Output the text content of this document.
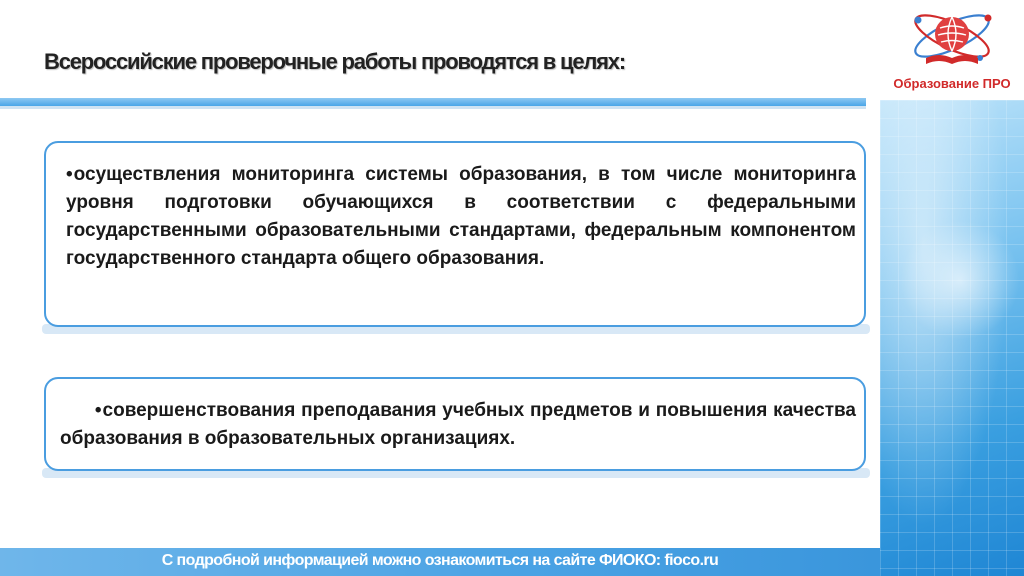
Образование ПРО
Всероссийские проверочные работы проводятся в целях:
•осуществления мониторинга системы образования, в том числе мониторинга уровня подготовки обучающихся в соответствии с федеральными государственными образовательными стандартами, федеральным компонентом государственного стандарта общего образования.
•совершенствования преподавания учебных предметов и повышения качества образования в образовательных организациях.
С подробной информацией можно ознакомиться на сайте ФИОКО: fioco.ru
